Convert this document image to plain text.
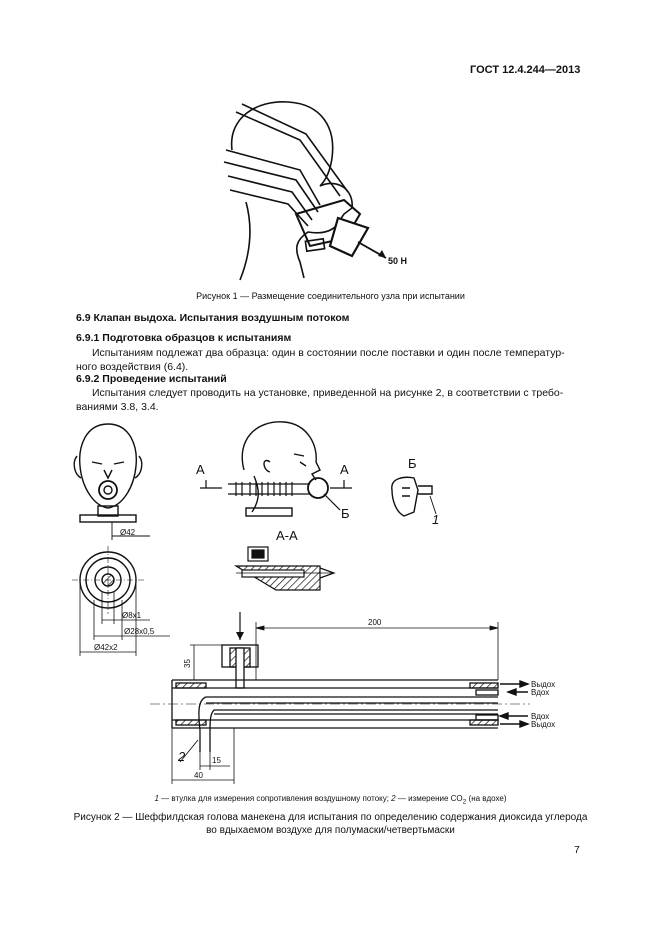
ГОСТ 12.4.244—2013
50 Н
Рисунок 1 — Размещение соединительного узла при испытании
6.9 Клапан выдоха. Испытания воздушным потоком
6.9.1 Подготовка образцов к испытаниям
Испытаниям подлежат два образца: один в состоянии после поставки и один после температур-
ного воздействия (6.4).
6.9.2 Проведение испытаний
Испытания следует проводить на установке, приведенной на рисунке 2, в соответствии с требо-
ваниями 3.8, 3.4.
Ø42
Ø8x1
Ø28x0,5
Ø42x2
А	А
Б
Б
1
А-А
200
35
15
40
2
Выдох
Вдох
Вдох
Выдох
1 — втулка для измерения сопротивления воздушному потоку; 2 — измерение $CO_2$ (на вдохе)
Рисунок 2 — Шеффилдская голова манекена для испытания по определению содержания диоксида углерода
во вдыхаемом воздухе для полумаски/четвертьмаски
7
